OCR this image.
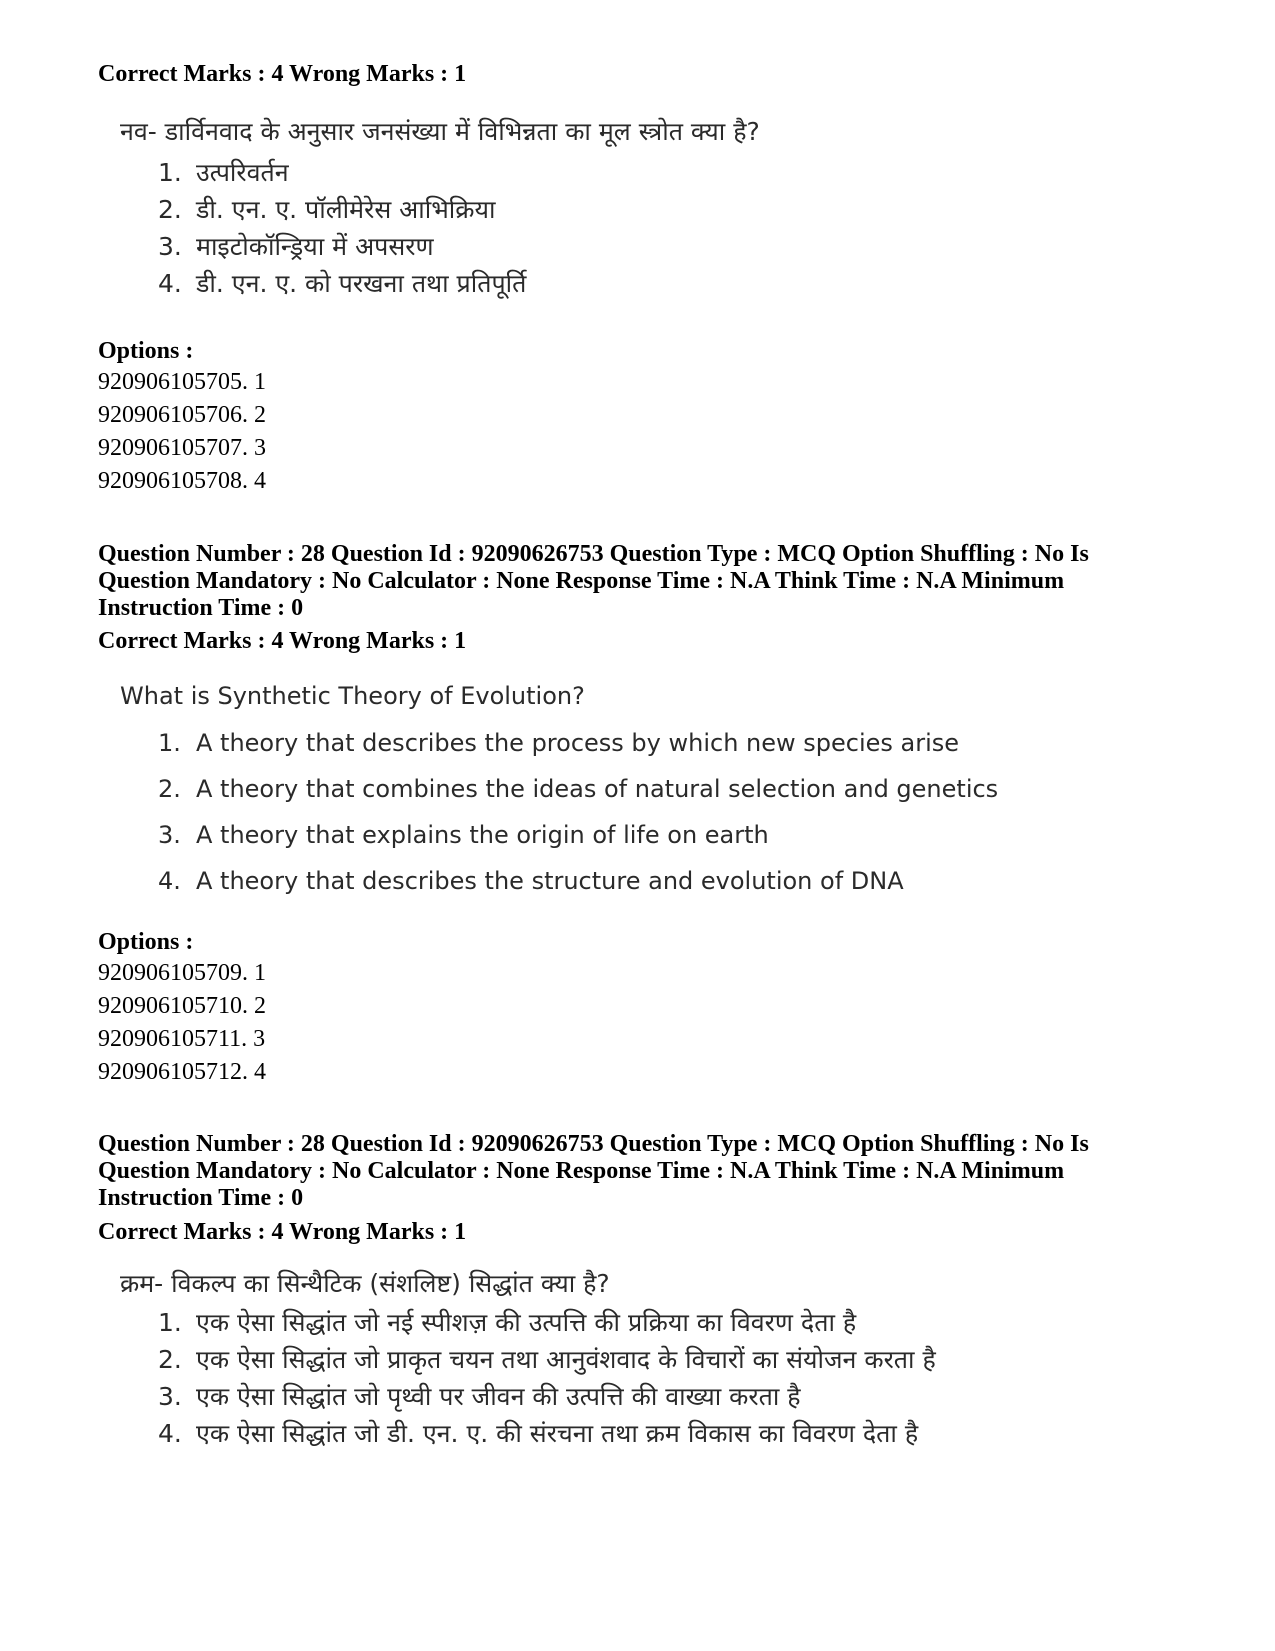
Correct Marks : 4 Wrong Marks : 1
नव- डार्विनवाद के अनुसार जनसंख्या में विभिन्नता का मूल स्त्रोत क्या है?
1. उत्परिवर्तन
2. डी. एन. ए. पॉलीमेरेस आभिक्रिया
3. माइटोकॉन्ड्रिया में अपसरण
4. डी. एन. ए. को परखना तथा प्रतिपूर्ति
Options :
920906105705. 1
920906105706. 2
920906105707. 3
920906105708. 4
Question Number : 28 Question Id : 92090626753 Question Type : MCQ Option Shuffling : No Is Question Mandatory : No Calculator : None Response Time : N.A Think Time : N.A Minimum Instruction Time : 0
Correct Marks : 4 Wrong Marks : 1
What is Synthetic Theory of Evolution?
1. A theory that describes the process by which new species arise
2. A theory that combines the ideas of natural selection and genetics
3. A theory that explains the origin of life on earth
4. A theory that describes the structure and evolution of DNA
Options :
920906105709. 1
920906105710. 2
920906105711. 3
920906105712. 4
Question Number : 28 Question Id : 92090626753 Question Type : MCQ Option Shuffling : No Is Question Mandatory : No Calculator : None Response Time : N.A Think Time : N.A Minimum Instruction Time : 0
Correct Marks : 4 Wrong Marks : 1
क्रम- विकल्प का सिन्थैटिक (संशलिष्ट) सिद्धांत क्या है?
1. एक ऐसा सिद्धांत जो नई स्पीशज़ की उत्पत्ति की प्रक्रिया का विवरण देता है
2. एक ऐसा सिद्धांत जो प्राकृत चयन तथा आनुवंशवाद के विचारों का संयोजन करता है
3. एक ऐसा सिद्धांत जो पृथ्वी पर जीवन की उत्पत्ति की वाख्या करता है
4. एक ऐसा सिद्धांत जो डी. एन. ए. की संरचना तथा क्रम विकास का विवरण देता है
